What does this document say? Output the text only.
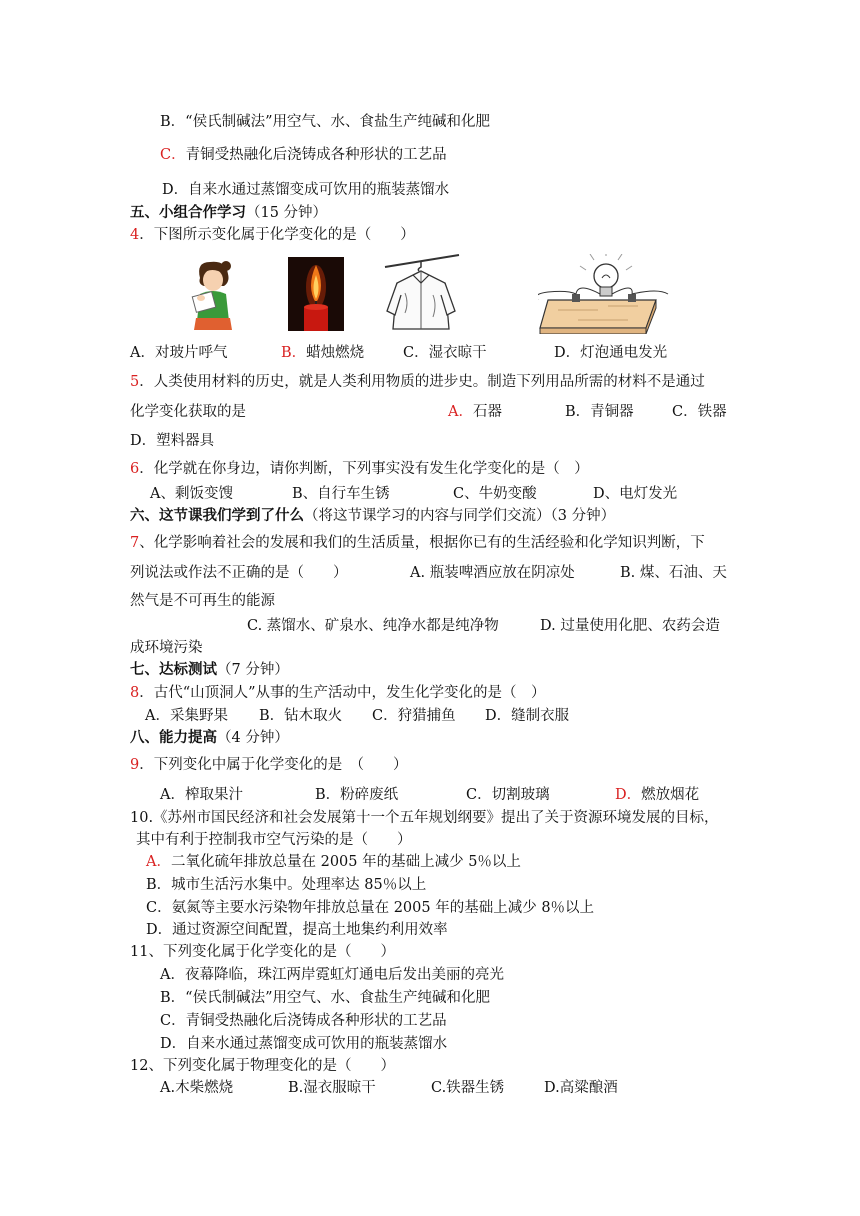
B．“侯氏制碱法”用空气、水、食盐生产纯碱和化肥
C．青铜受热融化后浇铸成各种形状的工艺品
D．自来水通过蒸馏变成可饮用的瓶装蒸馏水
五、小组合作学习（15 分钟）
4．下图所示变化属于化学变化的是（　　）
A．对玻片呼气	B．蜡烛燃烧	C．湿衣晾干	D．灯泡通电发光
5．人类使用材料的历史，就是人类利用物质的进步史。制造下列用品所需的材料不是通过
化学变化获取的是	A．石器	B．青铜器	C．铁器
D．塑料器具
6．化学就在你身边，请你判断，下列事实没有发生化学变化的是（　）
A、剩饭变馊	B、自行车生锈	C、牛奶变酸	D、电灯发光
六、这节课我们学到了什么（将这节课学习的内容与同学们交流）（3 分钟）
7、化学影响着社会的发展和我们的生活质量，根据你已有的生活经验和化学知识判断，下
列说法或作法不正确的是（　　）	A. 瓶装啤酒应放在阴凉处	B. 煤、石油、天
然气是不可再生的能源
C. 蒸馏水、矿泉水、纯净水都是纯净物	D. 过量使用化肥、农药会造
成环境污染
七、达标测试（7 分钟）
8．古代“山顶洞人”从事的生产活动中，发生化学变化的是（　）
A．采集野果 B．钻木取火 C．狩猎捕鱼 D．缝制衣服
八、能力提高（4 分钟）
9．下列变化中属于化学变化的是　（　　）
A．榨取果汁	B．粉碎废纸	C．切割玻璃	D．燃放烟花
10.《苏州市国民经济和社会发展第十一个五年规划纲要》提出了关于资源环境发展的目标，
其中有利于控制我市空气污染的是（　　）
A．二氧化硫年排放总量在 2005 年的基础上减少 5％以上
B．城市生活污水集中。处理率达 85％以上
C．氨氮等主要水污染物年排放总量在 2005 年的基础上减少 8％以上
D．通过资源空间配置，提高土地集约利用效率
11、下列变化属于化学变化的是（　　）
A．夜幕降临，珠江两岸霓虹灯通电后发出美丽的亮光
B．“侯氏制碱法”用空气、水、食盐生产纯碱和化肥
C．青铜受热融化后浇铸成各种形状的工艺品
D．自来水通过蒸馏变成可饮用的瓶装蒸馏水
12、下列变化属于物理变化的是（　　）
A.木柴燃烧	B.湿衣服晾干	C.铁器生锈	D.高粱酿酒
